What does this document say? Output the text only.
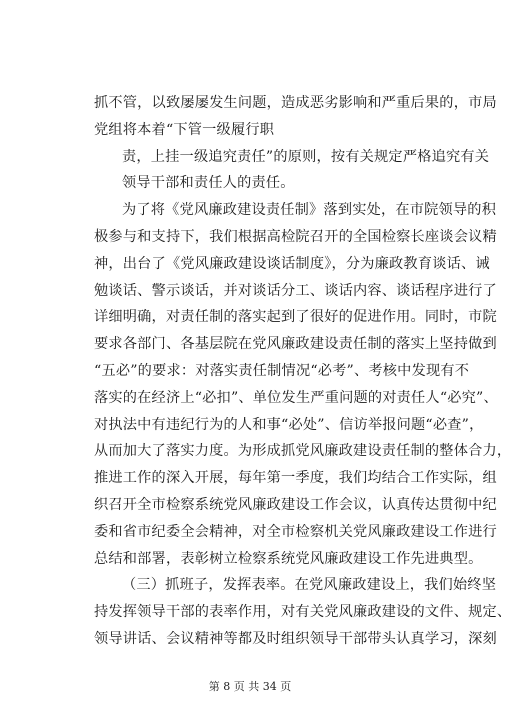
抓不管，以致屡屡发生问题，造成恶劣影响和严重后果的，市局
党组将本着“下管一级履行职
责，上挂一级追究责任”的原则，按有关规定严格追究有关
领导干部和责任人的责任。
为了将《党风廉政建设责任制》落到实处，在市院领导的积
极参与和支持下，我们根据高检院召开的全国检察长座谈会议精
神，出台了《党风廉政建设谈话制度》，分为廉政教育谈话、诫
勉谈话、警示谈话，并对谈话分工、谈话内容、谈话程序进行了
详细明确，对责任制的落实起到了很好的促进作用。同时，市院
要求各部门、各基层院在党风廉政建设责任制的落实上坚持做到
“五必”的要求：对落实责任制情况“必考”、考核中发现有不
落实的在经济上“必扣”、单位发生严重问题的对责任人“必究”、
对执法中有违纪行为的人和事“必处”、信访举报问题“必查”，
从而加大了落实力度。为形成抓党风廉政建设责任制的整体合力，
推进工作的深入开展，每年第一季度，我们均结合工作实际，组
织召开全市检察系统党风廉政建设工作会议，认真传达贯彻中纪
委和省市纪委全会精神，对全市检察机关党风廉政建设工作进行
总结和部署，表彰树立检察系统党风廉政建设工作先进典型。
（三）抓班子，发挥表率。在党风廉政建设上，我们始终坚
持发挥领导干部的表率作用，对有关党风廉政建设的文件、规定、
领导讲话、会议精神等都及时组织领导干部带头认真学习，深刻
第 8 页 共 34 页
